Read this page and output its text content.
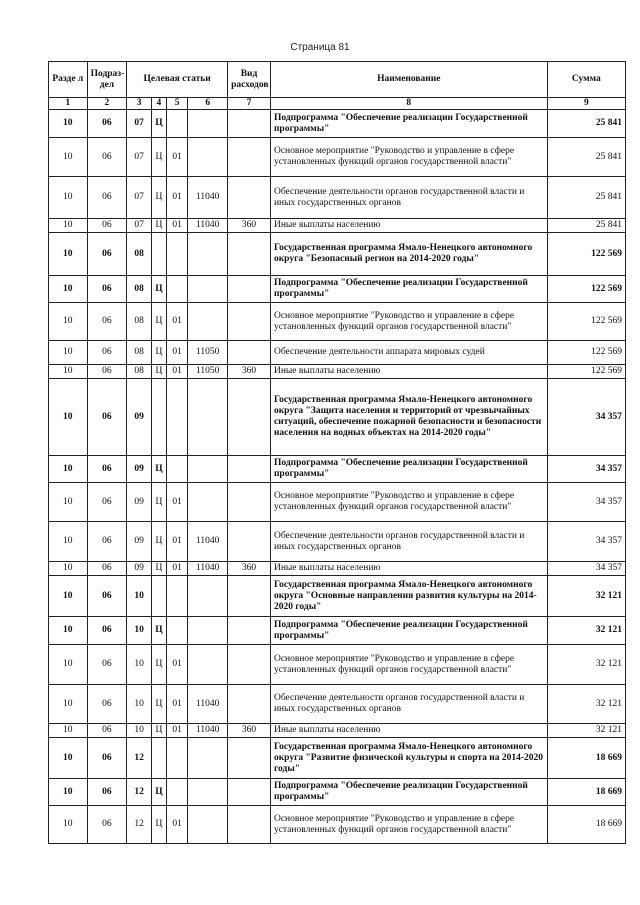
Страница 81
Разде л	Подраз- дел	Целевая статьи				Вид расходов	Наименование	Сумма
1	2	3	4	5	6	7	8	9
10	06	07	Ц				Подпрограмма "Обеспечение реализации Государственной программы"	25 841
10	06	07	Ц	01			Основное мероприятие "Руководство и управление в сфере установленных функций органов государственной власти"	25 841
10	06	07	Ц	01	11040		Обеспечение деятельности органов государственной власти и иных государственных органов	25 841
10	06	07	Ц	01	11040	360	Иные выплаты населению	25 841
10	06	08					Государственная программа Ямало-Ненецкого автономного округа "Безопасный регион на 2014-2020 годы"	122 569
10	06	08	Ц				Подпрограмма "Обеспечение реализации Государственной программы"	122 569
10	06	08	Ц	01			Основное мероприятие "Руководство и управление в сфере установленных функций органов государственной власти"	122 569
10	06	08	Ц	01	11050		Обеспечение деятельности аппарата мировых судей	122 569
10	06	08	Ц	01	11050	360	Иные выплаты населению	122 569
10	06	09					Государственная программа Ямало-Ненецкого автономного округа "Защита населения и территорий от чрезвычайных ситуаций, обеспечение пожарной безопасности и безопасности населения на водных объектах на 2014-2020 годы"	34 357
10	06	09	Ц				Подпрограмма "Обеспечение реализации Государственной программы"	34 357
10	06	09	Ц	01			Основное мероприятие "Руководство и управление в сфере установленных функций органов государственной власти"	34 357
10	06	09	Ц	01	11040		Обеспечение деятельности органов государственной власти и иных государственных органов	34 357
10	06	09	Ц	01	11040	360	Иные выплаты населению	34 357
10	06	10					Государственная программа Ямало-Ненецкого автономного округа "Основные направления развития культуры на 2014-2020 годы"	32 121
10	06	10	Ц				Подпрограмма "Обеспечение реализации Государственной программы"	32 121
10	06	10	Ц	01			Основное мероприятие "Руководство и управление в сфере установленных функций органов государственной власти"	32 121
10	06	10	Ц	01	11040		Обеспечение деятельности органов государственной власти и иных государственных органов	32 121
10	06	10	Ц	01	11040	360	Иные выплаты населению	32 121
10	06	12					Государственная программа Ямало-Ненецкого автономного округа "Развитие физической культуры и спорта на 2014-2020 годы"	18 669
10	06	12	Ц				Подпрограмма "Обеспечение реализации Государственной программы"	18 669
10	06	12	Ц	01			Основное мероприятие "Руководство и управление в сфере установленных функций органов государственной власти"	18 669
